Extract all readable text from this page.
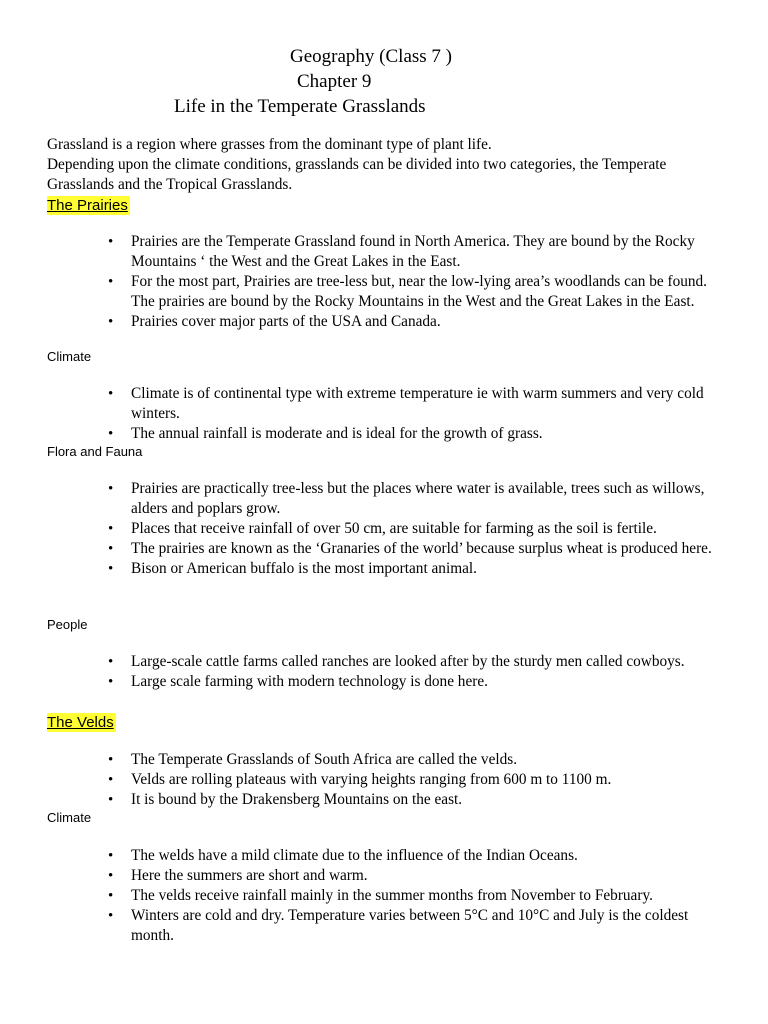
Geography (Class 7 )
Chapter 9
Life in the Temperate Grasslands
Grassland is a region where grasses from the dominant type of plant life.
Depending upon the climate conditions, grasslands can be divided into two categories, the Temperate Grasslands and the Tropical Grasslands.
The Prairies
• Prairies are the Temperate Grassland found in North America. They are bound by the Rocky Mountains ‘ the West and the Great Lakes in the East.
• For the most part, Prairies are tree-less but, near the low-lying area’s woodlands can be found. The prairies are bound by the Rocky Mountains in the West and the Great Lakes in the East.
• Prairies cover major parts of the USA and Canada.
Climate
• Climate is of continental type with extreme temperature ie with warm summers and very cold winters.
• The annual rainfall is moderate and is ideal for the growth of grass.
Flora and Fauna
• Prairies are practically tree-less but the places where water is available, trees such as willows, alders and poplars grow.
• Places that receive rainfall of over 50 cm, are suitable for farming as the soil is fertile.
• The prairies are known as the ‘Granaries of the world’ because surplus wheat is produced here.
• Bison or American buffalo is the most important animal.
People
• Large-scale cattle farms called ranches are looked after by the sturdy men called cowboys.
• Large scale farming with modern technology is done here.
The Velds
• The Temperate Grasslands of South Africa are called the velds.
• Velds are rolling plateaus with varying heights ranging from 600 m to 1100 m.
• It is bound by the Drakensberg Mountains on the east.
Climate
• The welds have a mild climate due to the influence of the Indian Oceans.
• Here the summers are short and warm.
• The velds receive rainfall mainly in the summer months from November to February.
• Winters are cold and dry. Temperature varies between 5°C and 10°C and July is the coldest month.
